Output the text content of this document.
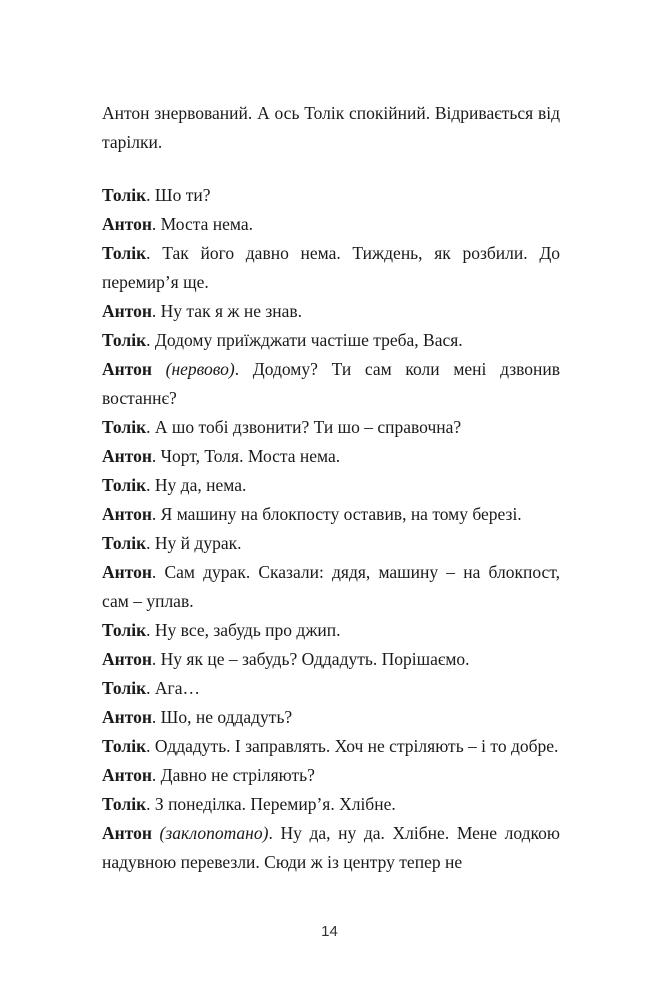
Антон знервований. А ось Толік спокійний. Відривається від тарілки.

Толік. Шо ти?

Антон. Моста нема.

Толік. Так його давно нема. Тиждень, як розбили. До перемир’я ще.

Антон. Ну так я ж не знав.

Толік. Додому приїжджати частіше треба, Вася.

Антон (нервово). Додому? Ти сам коли мені дзвонив востаннє?

Толік. А шо тобі дзвонити? Ти шо – справочна?

Антон. Чорт, Толя. Моста нема.

Толік. Ну да, нема.

Антон. Я машину на блокпосту оставив, на тому березі.

Толік. Ну й дурак.

Антон. Сам дурак. Сказали: дядя, машину – на блокпост, сам – уплав.

Толік. Ну все, забудь про джип.

Антон. Ну як це – забудь? Оддадуть. Порішаємо.

Толік. Ага…

Антон. Шо, не оддадуть?

Толік. Оддадуть. І заправлять. Хоч не стріляють – і то добре.

Антон. Давно не стріляють?

Толік. З понеділка. Перемир’я. Хлібне.

Антон (заклопотано). Ну да, ну да. Хлібне. Мене лодкою надувною перевезли. Сюди ж із центру тепер не

14
